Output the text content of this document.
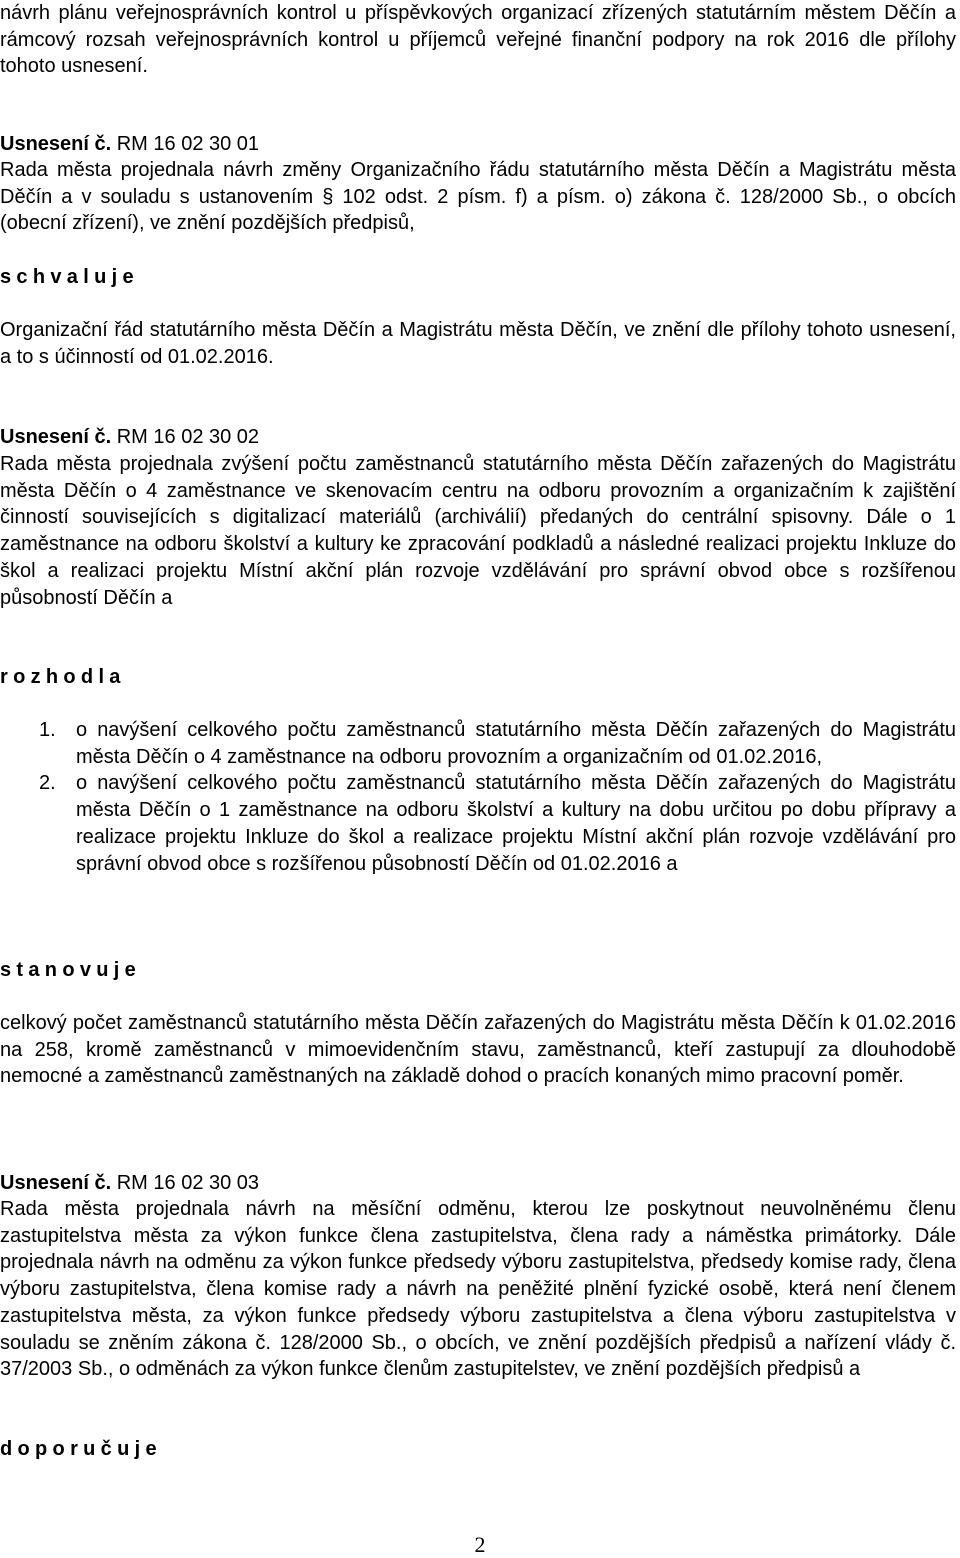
návrh plánu veřejnosprávních kontrol u příspěvkových organizací zřízených statutárním městem Děčín a rámcový rozsah veřejnosprávních kontrol u příjemců veřejné finanční podpory na rok 2016 dle přílohy tohoto usnesení.

Usnesení č. RM 16 02 30 01

Rada města projednala návrh změny Organizačního řádu statutárního města Děčín a Magistrátu města Děčín a v souladu s ustanovením § 102 odst. 2 písm. f) a písm. o) zákona č. 128/2000 Sb., o obcích (obecní zřízení), ve znění pozdějších předpisů,

schvaluje

Organizační řád statutárního města Děčín a Magistrátu města Děčín, ve znění dle přílohy tohoto usnesení, a to s účinností od 01.02.2016.

Usnesení č. RM 16 02 30 02

Rada města projednala zvýšení počtu zaměstnanců statutárního města Děčín zařazených do Magistrátu města Děčín o 4 zaměstnance ve skenovacím centru na odboru provozním a organizačním k zajištění činností souvisejících s digitalizací materiálů (archiválií) předaných do centrální spisovny. Dále o 1 zaměstnance na odboru školství a kultury ke zpracování podkladů a následné realizaci projektu Inkluze do škol a realizaci projektu Místní akční plán rozvoje vzdělávání pro správní obvod obce s rozšířenou působností Děčín a

rozhodla
1. o navýšení celkového počtu zaměstnanců statutárního města Děčín zařazených do Magistrátu města Děčín o 4 zaměstnance na odboru provozním a organizačním od 01.02.2016,
2. o navýšení celkového počtu zaměstnanců statutárního města Děčín zařazených do Magistrátu města Děčín o 1 zaměstnance na odboru školství a kultury na dobu určitou po dobu přípravy a realizace projektu Inkluze do škol a realizace projektu Místní akční plán rozvoje vzdělávání pro správní obvod obce s rozšířenou působností Děčín od 01.02.2016 a
stanovuje

celkový počet zaměstnanců statutárního města Děčín zařazených do Magistrátu města Děčín k 01.02.2016 na 258, kromě zaměstnanců v mimoevidenčním stavu, zaměstnanců, kteří zastupují za dlouhodobě nemocné a zaměstnanců zaměstnaných na základě dohod o pracích konaných mimo pracovní poměr.

Usnesení č. RM 16 02 30 03

Rada města projednala návrh na měsíční odměnu, kterou lze poskytnout neuvolněnému členu zastupitelstva města za výkon funkce člena zastupitelstva, člena rady a náměstka primátorky. Dále projednala návrh na odměnu za výkon funkce předsedy výboru zastupitelstva, předsedy komise rady, člena výboru zastupitelstva, člena komise rady a návrh na peněžité plnění fyzické osobě, která není členem zastupitelstva města, za výkon funkce předsedy výboru zastupitelstva a člena výboru zastupitelstva v souladu se zněním zákona č. 128/2000 Sb., o obcích, ve znění pozdějších předpisů a nařízení vlády č. 37/2003 Sb., o odměnách za výkon funkce členům zastupitelstev, ve znění pozdějších předpisů a

doporučuje
2
